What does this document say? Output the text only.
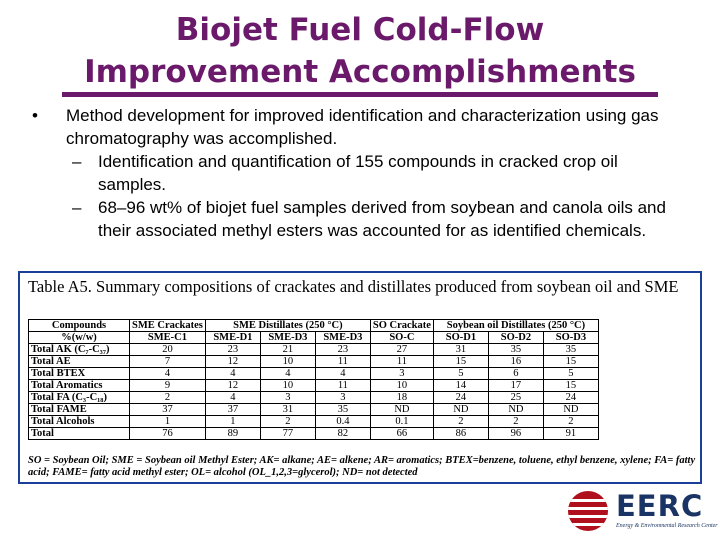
Biojet Fuel Cold-Flow
Improvement Accomplishments
• Method development for improved identification and characterization using gas chromatography was accomplished.
– Identification and quantification of 155 compounds in cracked crop oil samples.
– 68–96 wt% of biojet fuel samples derived from soybean and canola oils and their associated methyl esters was accounted for as identified chemicals.
Table A5. Summary compositions of crackates and distillates produced from soybean oil and SME
Compounds	SME Crackates	SME Distillates (250 °C)			SO Crackate	Soybean oil Distillates (250 °C)		
%(w/w)	SME-C1	SME-D1	SME-D3	SME-D3	SO-C	SO-D1	SO-D2	SO-D3
Total AK (C₇-C₃₇)	20	23	21	23	27	31	35	35
Total AE	7	12	10	11	11	15	16	15
Total BTEX	4	4	4	4	3	5	6	5
Total Aromatics	9	12	10	11	10	14	17	15
Total FA (C₃-C₁₈)	2	4	3	3	18	24	25	24
Total FAME	37	37	31	35	ND	ND	ND	ND
Total Alcohols	1	1	2	0.4	0.1	2	2	2
Total	76	89	77	82	66	86	96	91
SO = Soybean Oil; SME = Soybean oil Methyl Ester; AK= alkane; AE= alkene; AR= aromatics; BTEX=benzene, toluene, ethyl benzene, xylene; FA= fatty acid; FAME= fatty acid methyl ester; OL= alcohol (OL_1,2,3=glycerol); ND= not detected
EERC
Energy & Environmental Research Center
